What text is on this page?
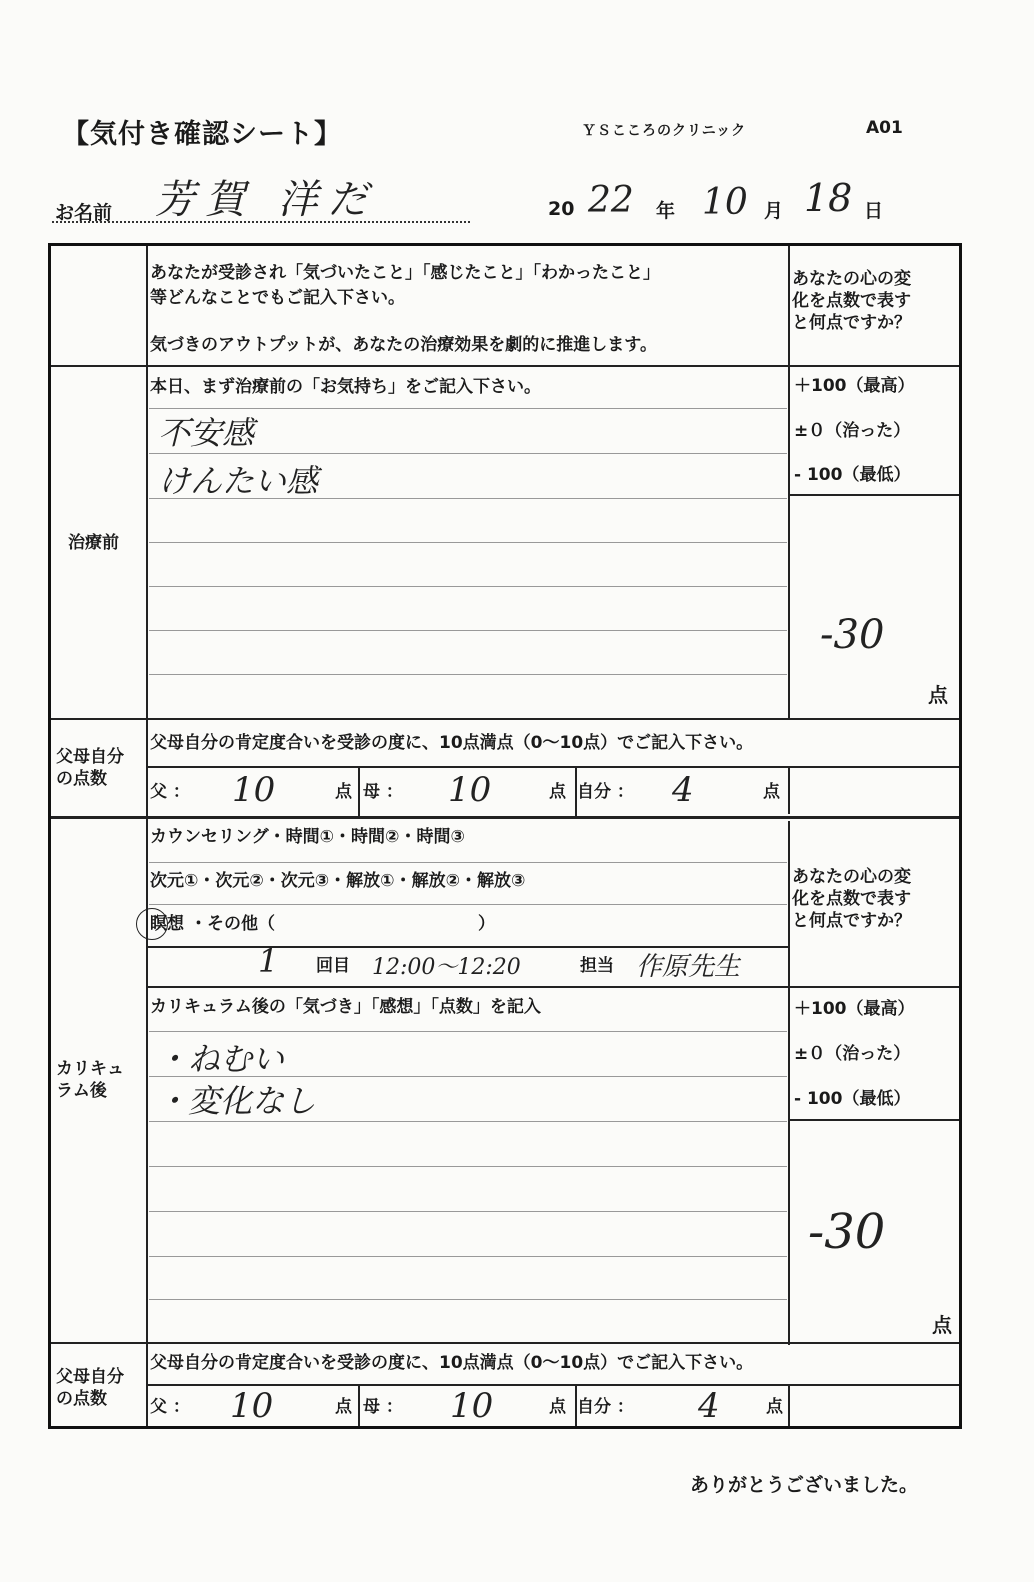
【気付き確認シート】	ＹＳこころのクリニック	A01
お名前 芳賀 洋だ	20 22 年 10 月 18 日
あなたが受診され「気づいたこと」「感じたこと」「わかったこと」
等どんなことでもご記入下さい。
気づきのアウトプットが、あなたの治療効果を劇的に推進します。
あなたの心の変
化を点数で表す
と何点ですか？
治療前
本日、まず治療前の「お気持ち」をご記入下さい。
不安感
けんたい感
＋100（最高）
±０（治った）
- 100（最低）
-30
点
父母自分
の点数
父母自分の肯定度合いを受診の度に、10点満点（0〜10点）でご記入下さい。
父 ： 10	点 母 ： 10	点 自分 ： 4	点
カウンセリング・時間①・時間②・時間③
次元①・次元②・次元③・解放①・解放②・解放③
瞑想 ・その他（	）
1 回目 12:00〜12:20	担当 作原先生
あなたの心の変
化を点数で表す
と何点ですか？
カリキュ
ラム後
カリキュラム後の「気づき」「感想」「点数」を記入
・ねむい
・変化なし
＋100（最高）
±０（治った）
- 100（最低）
-30
点
父母自分
の点数
父母自分の肯定度合いを受診の度に、10点満点（0〜10点）でご記入下さい。
父 ： 10	点 母 ： 10	点 自分 ： 4	点
ありがとうございました。
